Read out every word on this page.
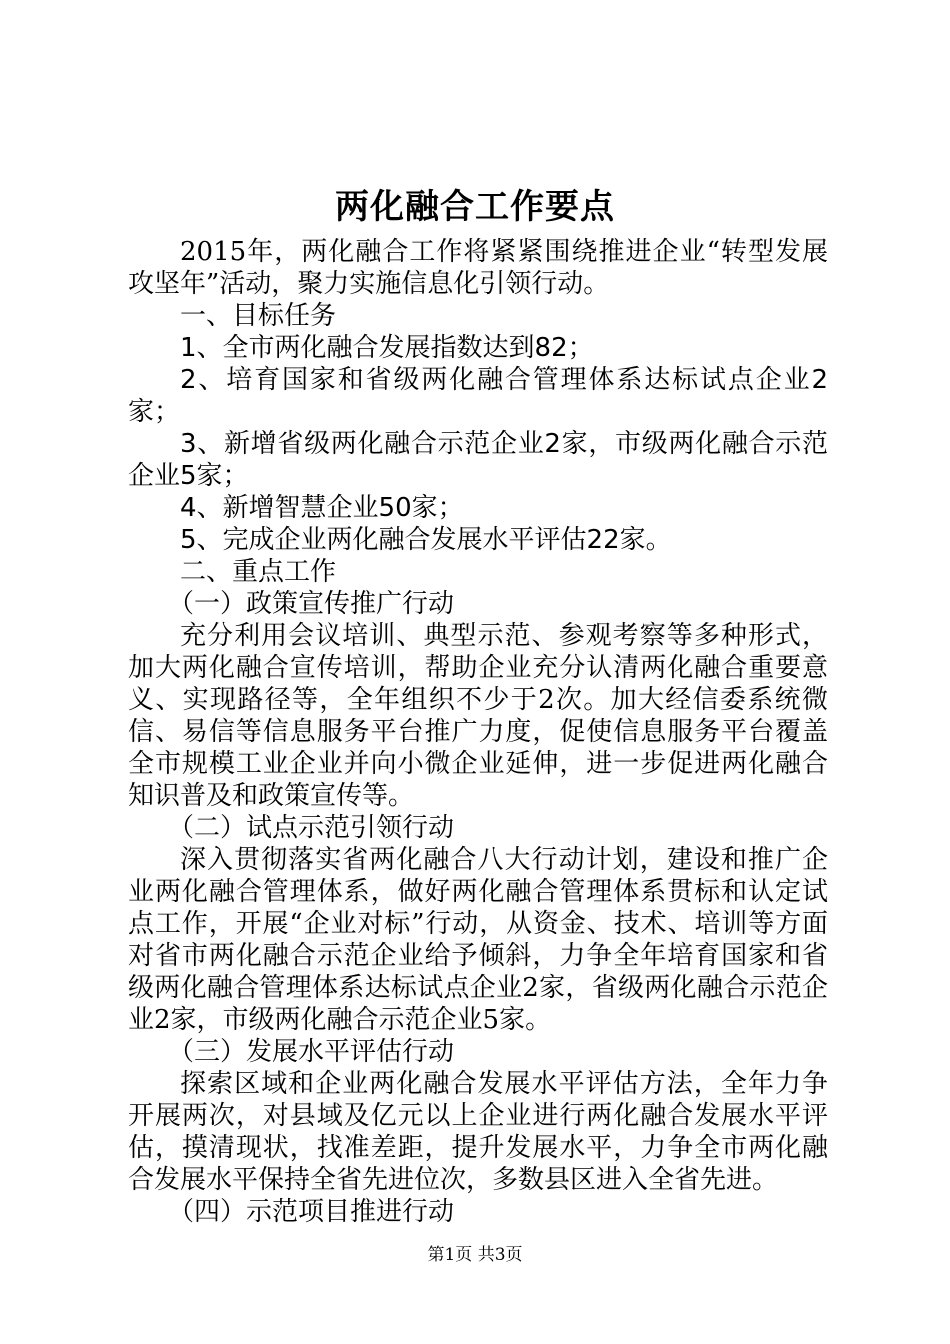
两化融合工作要点

2015年，两化融合工作将紧紧围绕推进企业“转型发展攻坚年”活动，聚力实施信息化引领行动。

一、目标任务

1、全市两化融合发展指数达到82；

2、培育国家和省级两化融合管理体系达标试点企业2家；

3、新增省级两化融合示范企业2家，市级两化融合示范企业5家；

4、新增智慧企业50家；

5、完成企业两化融合发展水平评估22家。

二、重点工作

（一）政策宣传推广行动

充分利用会议培训、典型示范、参观考察等多种形式，加大两化融合宣传培训，帮助企业充分认清两化融合重要意义、实现路径等，全年组织不少于2次。加大经信委系统微信、易信等信息服务平台推广力度，促使信息服务平台覆盖全市规模工业企业并向小微企业延伸，进一步促进两化融合知识普及和政策宣传等。

（二）试点示范引领行动

深入贯彻落实省两化融合八大行动计划，建设和推广企业两化融合管理体系，做好两化融合管理体系贯标和认定试点工作，开展“企业对标”行动，从资金、技术、培训等方面对省市两化融合示范企业给予倾斜，力争全年培育国家和省级两化融合管理体系达标试点企业2家，省级两化融合示范企业2家，市级两化融合示范企业5家。

（三）发展水平评估行动

探索区域和企业两化融合发展水平评估方法，全年力争开展两次，对县域及亿元以上企业进行两化融合发展水平评估，摸清现状，找准差距，提升发展水平，力争全市两化融合发展水平保持全省先进位次，多数县区进入全省先进。

（四）示范项目推进行动

第1页 共3页
